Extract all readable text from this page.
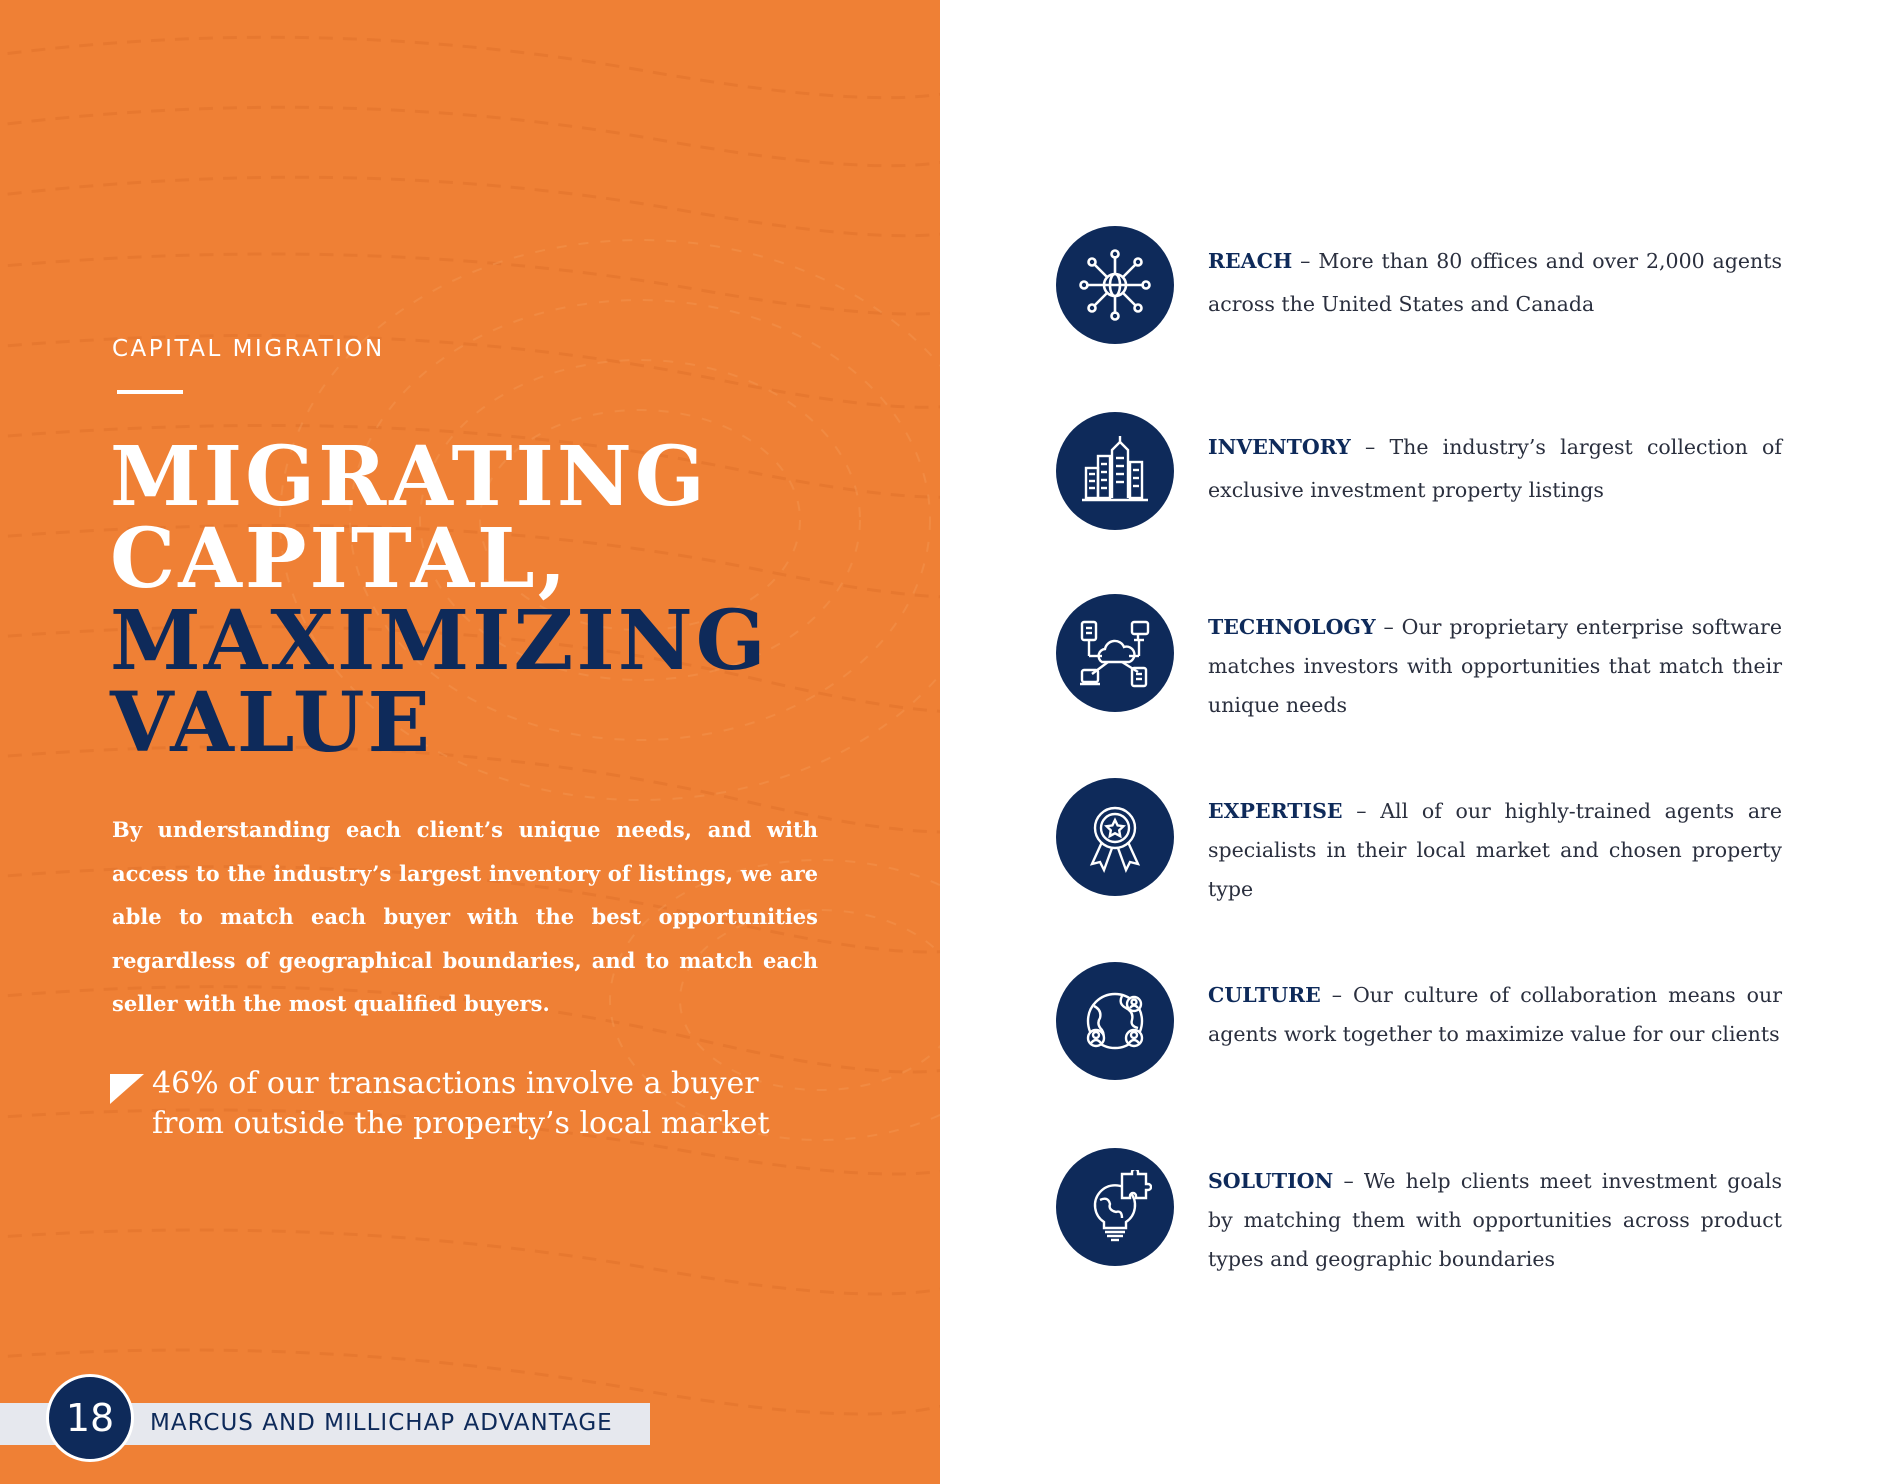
CAPITAL MIGRATION
MIGRATING
CAPITAL,
MAXIMIZING
VALUE

By understanding each client’s unique needs, and with access to the industry’s largest inventory of listings, we are able to match each buyer with the best opportunities regardless of geographical boundaries, and to match each seller with the most qualified buyers.

46% of our transactions involve a buyer from outside the property’s local market

MARCUS AND MILLICHAP ADVANTAGE
18

REACH – More than 80 offices and over 2,000 agents across the United States and Canada

INVENTORY – The industry’s largest collection of exclusive investment property listings

TECHNOLOGY – Our proprietary enterprise software matches investors with opportunities that match their unique needs

EXPERTISE – All of our highly-trained agents are specialists in their local market and chosen property type

CULTURE – Our culture of collaboration means our agents work together to maximize value for our clients

SOLUTION – We help clients meet investment goals by matching them with opportunities across product types and geographic boundaries
